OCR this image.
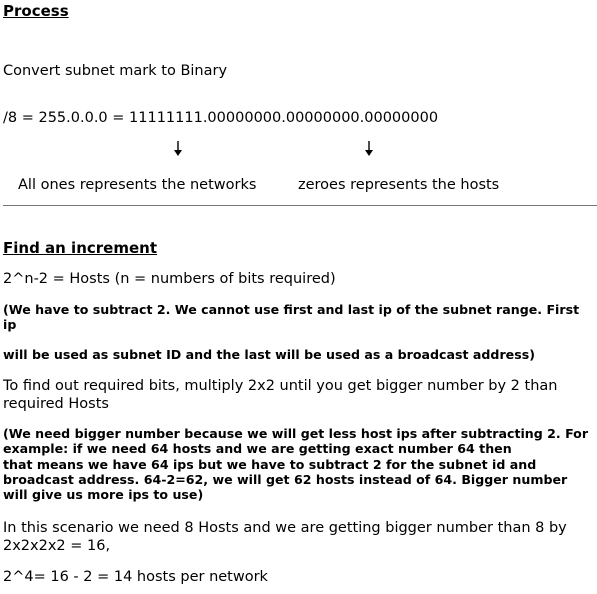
Process
Convert subnet mark to Binary
/8 = 255.0.0.0 = 11111111.00000000.00000000.00000000
All ones represents the networks	zeroes represents the hosts
Find an increment
2^n-2 = Hosts (n = numbers of bits required)
(We have to subtract 2. We cannot use first and last ip of the subnet range. First
ip
will be used as subnet ID and the last will be used as a broadcast address)
To find out required bits, multiply 2x2 until you get bigger number by 2 than required Hosts
(We need bigger number because we will get less host ips after subtracting 2. For
example: if we need 64 hosts and we are getting exact number 64 then
that means we have 64 ips but we have to subtract 2 for the subnet id and
broadcast address. 64-2=62, we will get 62 hosts instead of 64. Bigger number
will give us more ips to use)
In this scenario we need 8 Hosts and we are getting bigger number than 8 by 2x2x2x2 = 16,
2^4= 16 - 2 = 14 hosts per network
